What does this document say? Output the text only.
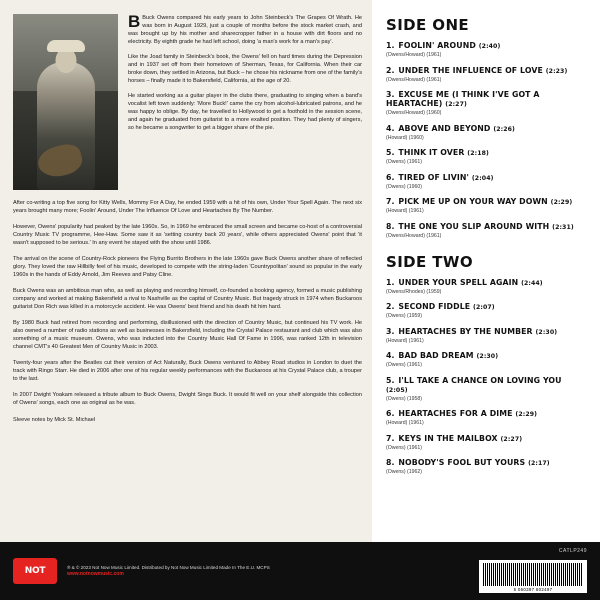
B Buck Owens compared his early years to John Steinbeck's The Grapes Of Wrath. He was born in August 1929, just a couple of months before the stock market crash, and was brought up by his mother and sharecropper father in a house with dirt floors and no electricity. By eighth grade he had left school, doing 'a man's work for a man's pay'.

Like the Joad family in Steinbeck's book, the Owens' fell on hard times during the Depression and in 1937 set off from their hometown of Sherman, Texas, for California. When their car broke down, they settled in Arizona, but Buck – he chose his nickname from one of the family's horses – finally made it to Bakersfield, California, at the age of 20.

He started working as a guitar player in the clubs there, graduating to singing when a band's vocalist left town suddenly: 'More Buck!' came the cry from alcohol-lubricated patrons, and he was happy to oblige. By day, he travelled to Hollywood to get a foothold in the session scene, and again he graduated from guitarist to a more exalted position. They had plenty of singers, so he became a songwriter to get a bigger share of the pie.

After co-writing a top five song for Kitty Wells, Mommy For A Day, he ended 1959 with a hit of his own, Under Your Spell Again. The next six years brought many more; Foolin' Around, Under The Influence Of Love and Heartaches By The Number.

However, Owens' popularity had peaked by the late 1960s. So, in 1969 he embraced the small screen and became co-host of a controversial Country Music TV programme, Hee-Haw. Some saw it as 'setting country back 20 years', while others appreciated Owens' point that 'it wasn't supposed to be serious.' In any event he stayed with the show until 1986.

The arrival on the scene of Country-Rock pioneers the Flying Burrito Brothers in the late 1960s gave Buck Owens another share of reflected glory. They loved the raw Hillbilly feel of his music, developed to compete with the string-laden 'Countrypolitan' sound so popular in the early 1960s in the hands of Eddy Arnold, Jim Reeves and Patsy Cline.

Buck Owens was an ambitious man who, as well as playing and recording himself, co-founded a booking agency, formed a music publishing company and worked at making Bakersfield a rival to Nashville as the capital of Country Music. But tragedy struck in 1974 when Buckaroos guitarist Don Rich was killed in a motorcycle accident. He was Owens' best friend and his death hit him hard.

By 1980 Buck had retired from recording and performing, disillusioned with the direction of Country Music, but continued his TV work. He also owned a number of radio stations as well as businesses in Bakersfield, including the Crystal Palace restaurant and club which was also something of a music museum. Owens, who was inducted into the Country Music Hall Of Fame in 1996, was ranked 12th in television channel CMT's 40 Greatest Men of Country Music in 2003.

Twenty-four years after the Beatles cut their version of Act Naturally, Buck Owens ventured to Abbey Road studios in London to duet the track with Ringo Starr. He died in 2006 after one of his regular weekly performances with the Buckaroos at his Crystal Palace club, a trouper to the last.

In 2007 Dwight Yoakam released a tribute album to Buck Owens, Dwight Sings Buck. It would fit well on your shelf alongside this collection of Owens' songs, each one as original as he was.

Sleeve notes by Mick St. Michael
SIDE ONE
1. FOOLIN' AROUND (2:40)
(Owens/Howard) (1961)
2. UNDER THE INFLUENCE OF LOVE (2:23)
(Owens/Howard) (1961)
3. EXCUSE ME (I THINK I'VE GOT A HEARTACHE) (2:27)
(Owens/Howard) (1960)
4. ABOVE AND BEYOND (2:26)
(Howard) (1960)
5. THINK IT OVER (2:18)
(Owens) (1961)
6. TIRED OF LIVIN' (2:04)
(Owens) (1960)
7. PICK ME UP ON YOUR WAY DOWN (2:29)
(Howard) (1961)
8. THE ONE YOU SLIP AROUND WITH (2:31)
(Owens/Howard) (1961)
SIDE TWO
1. UNDER YOUR SPELL AGAIN (2:44)
(Owens/Rhodes) (1959)
2. SECOND FIDDLE (2:07)
(Owens) (1959)
3. HEARTACHES BY THE NUMBER (2:30)
(Howard) (1961)
4. BAD BAD DREAM (2:30)
(Owens) (1961)
5. I'LL TAKE A CHANCE ON LOVING YOU (2:05)
(Owens) (1958)
6. HEARTACHES FOR A DIME (2:29)
(Howard) (1961)
7. KEYS IN THE MAILBOX (2:27)
(Owens) (1961)
8. NOBODY'S FOOL BUT YOURS (2:17)
(Owens) (1962)
NOT	℗ & © 2023 Not Now Music Limited. Distributed by Not Now Music Limited Made In The E.U. MCPS
www.notnowmusic.com
CATLP249
5 060397 602497
